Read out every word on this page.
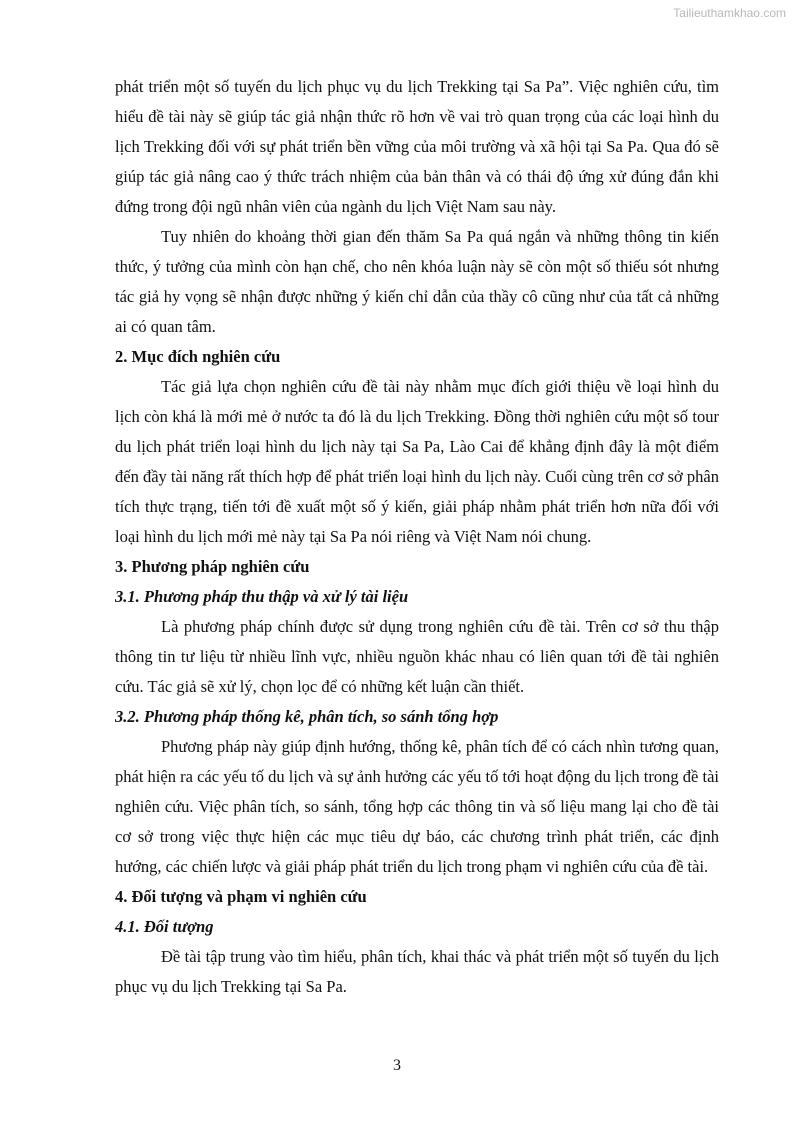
Tailieuthamkhao.com

phát triển một số tuyến du lịch phục vụ du lịch Trekking tại Sa Pa”. Việc nghiên cứu, tìm hiểu đề tài này sẽ giúp tác giả nhận thức rõ hơn về vai trò quan trọng của các loại hình du lịch Trekking đối với sự phát triển bền vững của môi trường và xã hội tại Sa Pa. Qua đó sẽ giúp tác giả nâng cao ý thức trách nhiệm của bản thân và có thái độ ứng xử đúng đắn khi đứng trong đội ngũ nhân viên của ngành du lịch Việt Nam sau này.

Tuy nhiên do khoảng thời gian đến thăm Sa Pa quá ngắn và những thông tin kiến thức, ý tưởng của mình còn hạn chế, cho nên khóa luận này sẽ còn một số thiếu sót nhưng tác giả hy vọng sẽ nhận được những ý kiến chỉ dẫn của thầy cô cũng như của tất cả những ai có quan tâm.

2. Mục đích nghiên cứu

Tác giả lựa chọn nghiên cứu đề tài này nhằm mục đích giới thiệu về loại hình du lịch còn khá là mới mẻ ở nước ta đó là du lịch Trekking. Đồng thời nghiên cứu một số tour du lịch phát triển loại hình du lịch này tại Sa Pa, Lào Cai để khẳng định đây là một điểm đến đầy tài năng rất thích hợp để phát triển loại hình du lịch này. Cuối cùng trên cơ sở phân tích thực trạng, tiến tới đề xuất một số ý kiến, giải pháp nhằm phát triển hơn nữa đối với loại hình du lịch mới mẻ này tại Sa Pa nói riêng và Việt Nam nói chung.

3. Phương pháp nghiên cứu
3.1. Phương pháp thu thập và xử lý tài liệu

Là phương pháp chính được sử dụng trong nghiên cứu đề tài. Trên cơ sở thu thập thông tin tư liệu từ nhiều lĩnh vực, nhiều nguồn khác nhau có liên quan tới đề tài nghiên cứu. Tác giả sẽ xử lý, chọn lọc để có những kết luận cần thiết.

3.2. Phương pháp thống kê, phân tích, so sánh tổng hợp

Phương pháp này giúp định hướng, thống kê, phân tích để có cách nhìn tương quan, phát hiện ra các yếu tố du lịch và sự ảnh hưởng các yếu tố tới hoạt động du lịch trong đề tài nghiên cứu. Việc phân tích, so sánh, tổng hợp các thông tin và số liệu mang lại cho đề tài cơ sở trong việc thực hiện các mục tiêu dự báo, các chương trình phát triển, các định hướng, các chiến lược và giải pháp phát triển du lịch trong phạm vi nghiên cứu của đề tài.

4. Đối tượng và phạm vi nghiên cứu
4.1. Đối tượng

Đề tài tập trung vào tìm hiểu, phân tích, khai thác và phát triển một số tuyến du lịch phục vụ du lịch Trekking tại Sa Pa.

3
